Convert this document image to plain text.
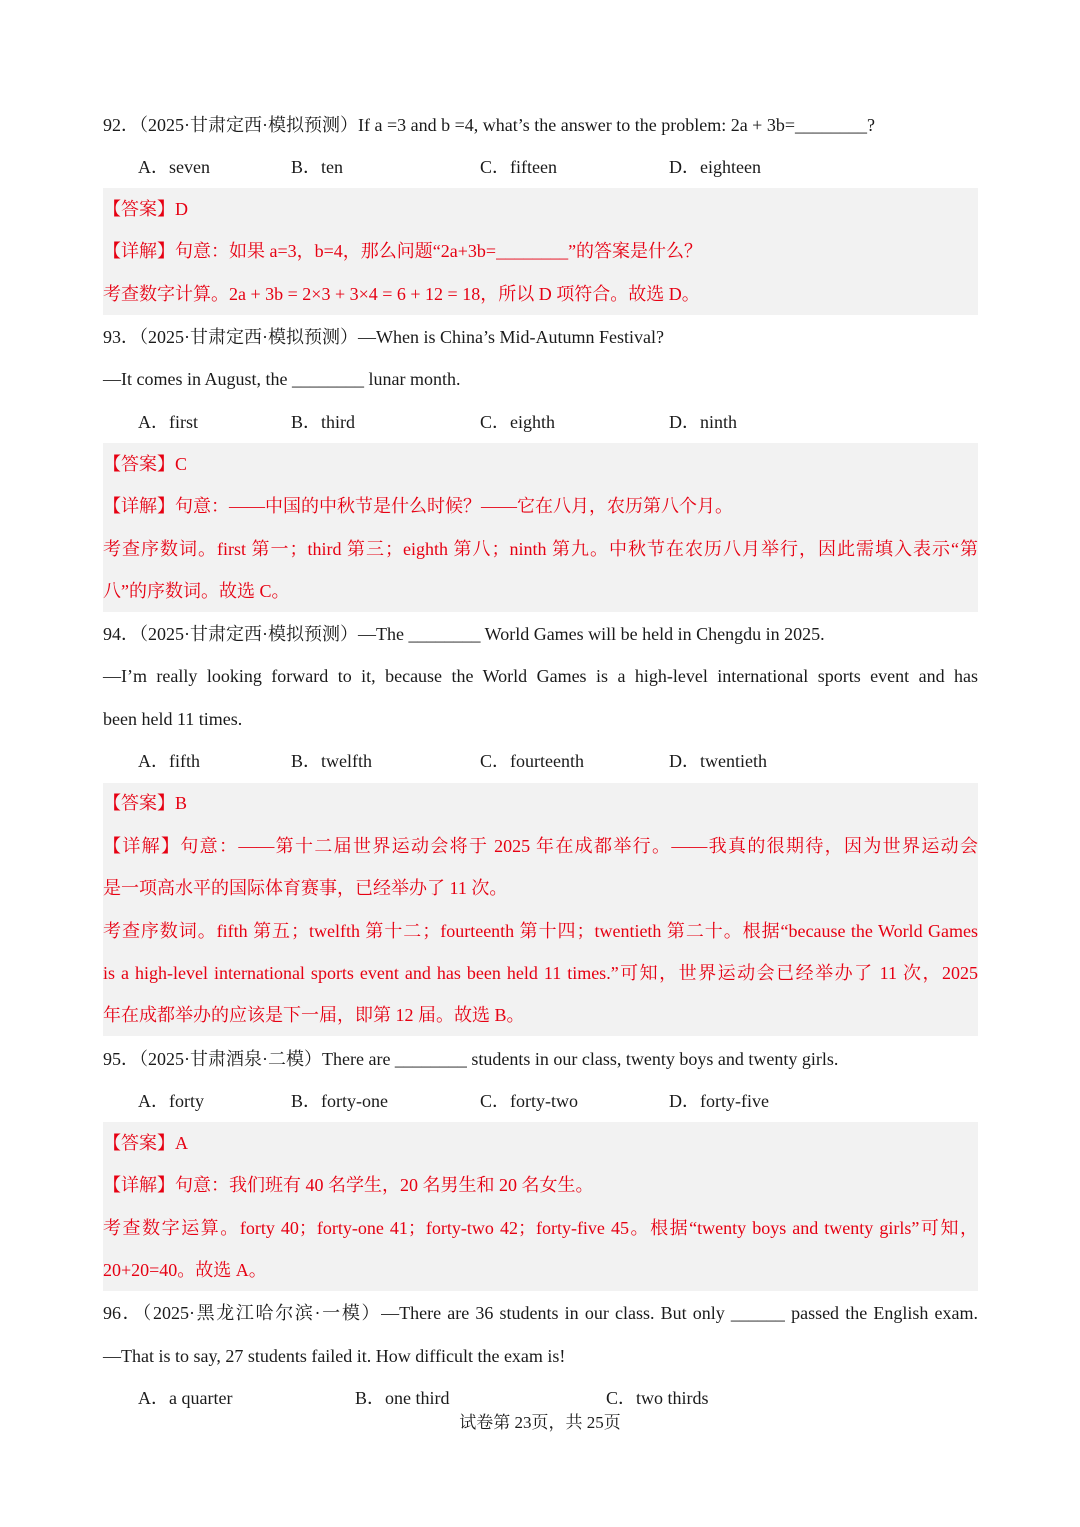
92．（2025·甘肃定西·模拟预测）If a =3 and b =4, what’s the answer to the problem: 2a + 3b=________?
A．seven	B．ten	C．fifteen	D．eighteen
【答案】D
【详解】句意：如果 a=3，b=4，那么问题“2a+3b=________”的答案是什么？
考查数字计算。2a + 3b = 2×3 + 3×4 = 6 + 12 = 18，所以 D 项符合。故选 D。
93．（2025·甘肃定西·模拟预测）—When is China’s Mid-Autumn Festival?
—It comes in August, the ________ lunar month.
A．first	B．third	C．eighth	D．ninth
【答案】C
【详解】句意：——中国的中秋节是什么时候？——它在八月，农历第八个月。
考查序数词。first 第一；third 第三；eighth 第八；ninth 第九。中秋节在农历八月举行，因此需填入表示“第
八”的序数词。故选 C。
94．（2025·甘肃定西·模拟预测）—The ________ World Games will be held in Chengdu in 2025.
—I’m really looking forward to it, because the World Games is a high-level international sports event and has
been held 11 times.
A．fifth	B．twelfth	C．fourteenth	D．twentieth
【答案】B
【详解】句意：——第十二届世界运动会将于 2025 年在成都举行。——我真的很期待，因为世界运动会
是一项高水平的国际体育赛事，已经举办了 11 次。
考查序数词。fifth 第五；twelfth 第十二；fourteenth 第十四；twentieth 第二十。根据“because the World Games
is a high-level international sports event and has been held 11 times.”可知，世界运动会已经举办了 11 次，2025
年在成都举办的应该是下一届，即第 12 届。故选 B。
95．（2025·甘肃酒泉·二模）There are ________ students in our class, twenty boys and twenty girls.
A．forty	B．forty-one	C．forty-two	D．forty-five
【答案】A
【详解】句意：我们班有 40 名学生，20 名男生和 20 名女生。
考查数字运算。forty 40；forty-one 41；forty-two 42；forty-five 45。根据“twenty boys and twenty girls”可知，
20+20=40。故选 A。
96．（2025·黑龙江哈尔滨·一模）—There are 36 students in our class. But only ______ passed the English exam.
—That is to say, 27 students failed it. How difficult the exam is!
A．a quarter	B．one third	C．two thirds
试卷第 23页，共 25页
